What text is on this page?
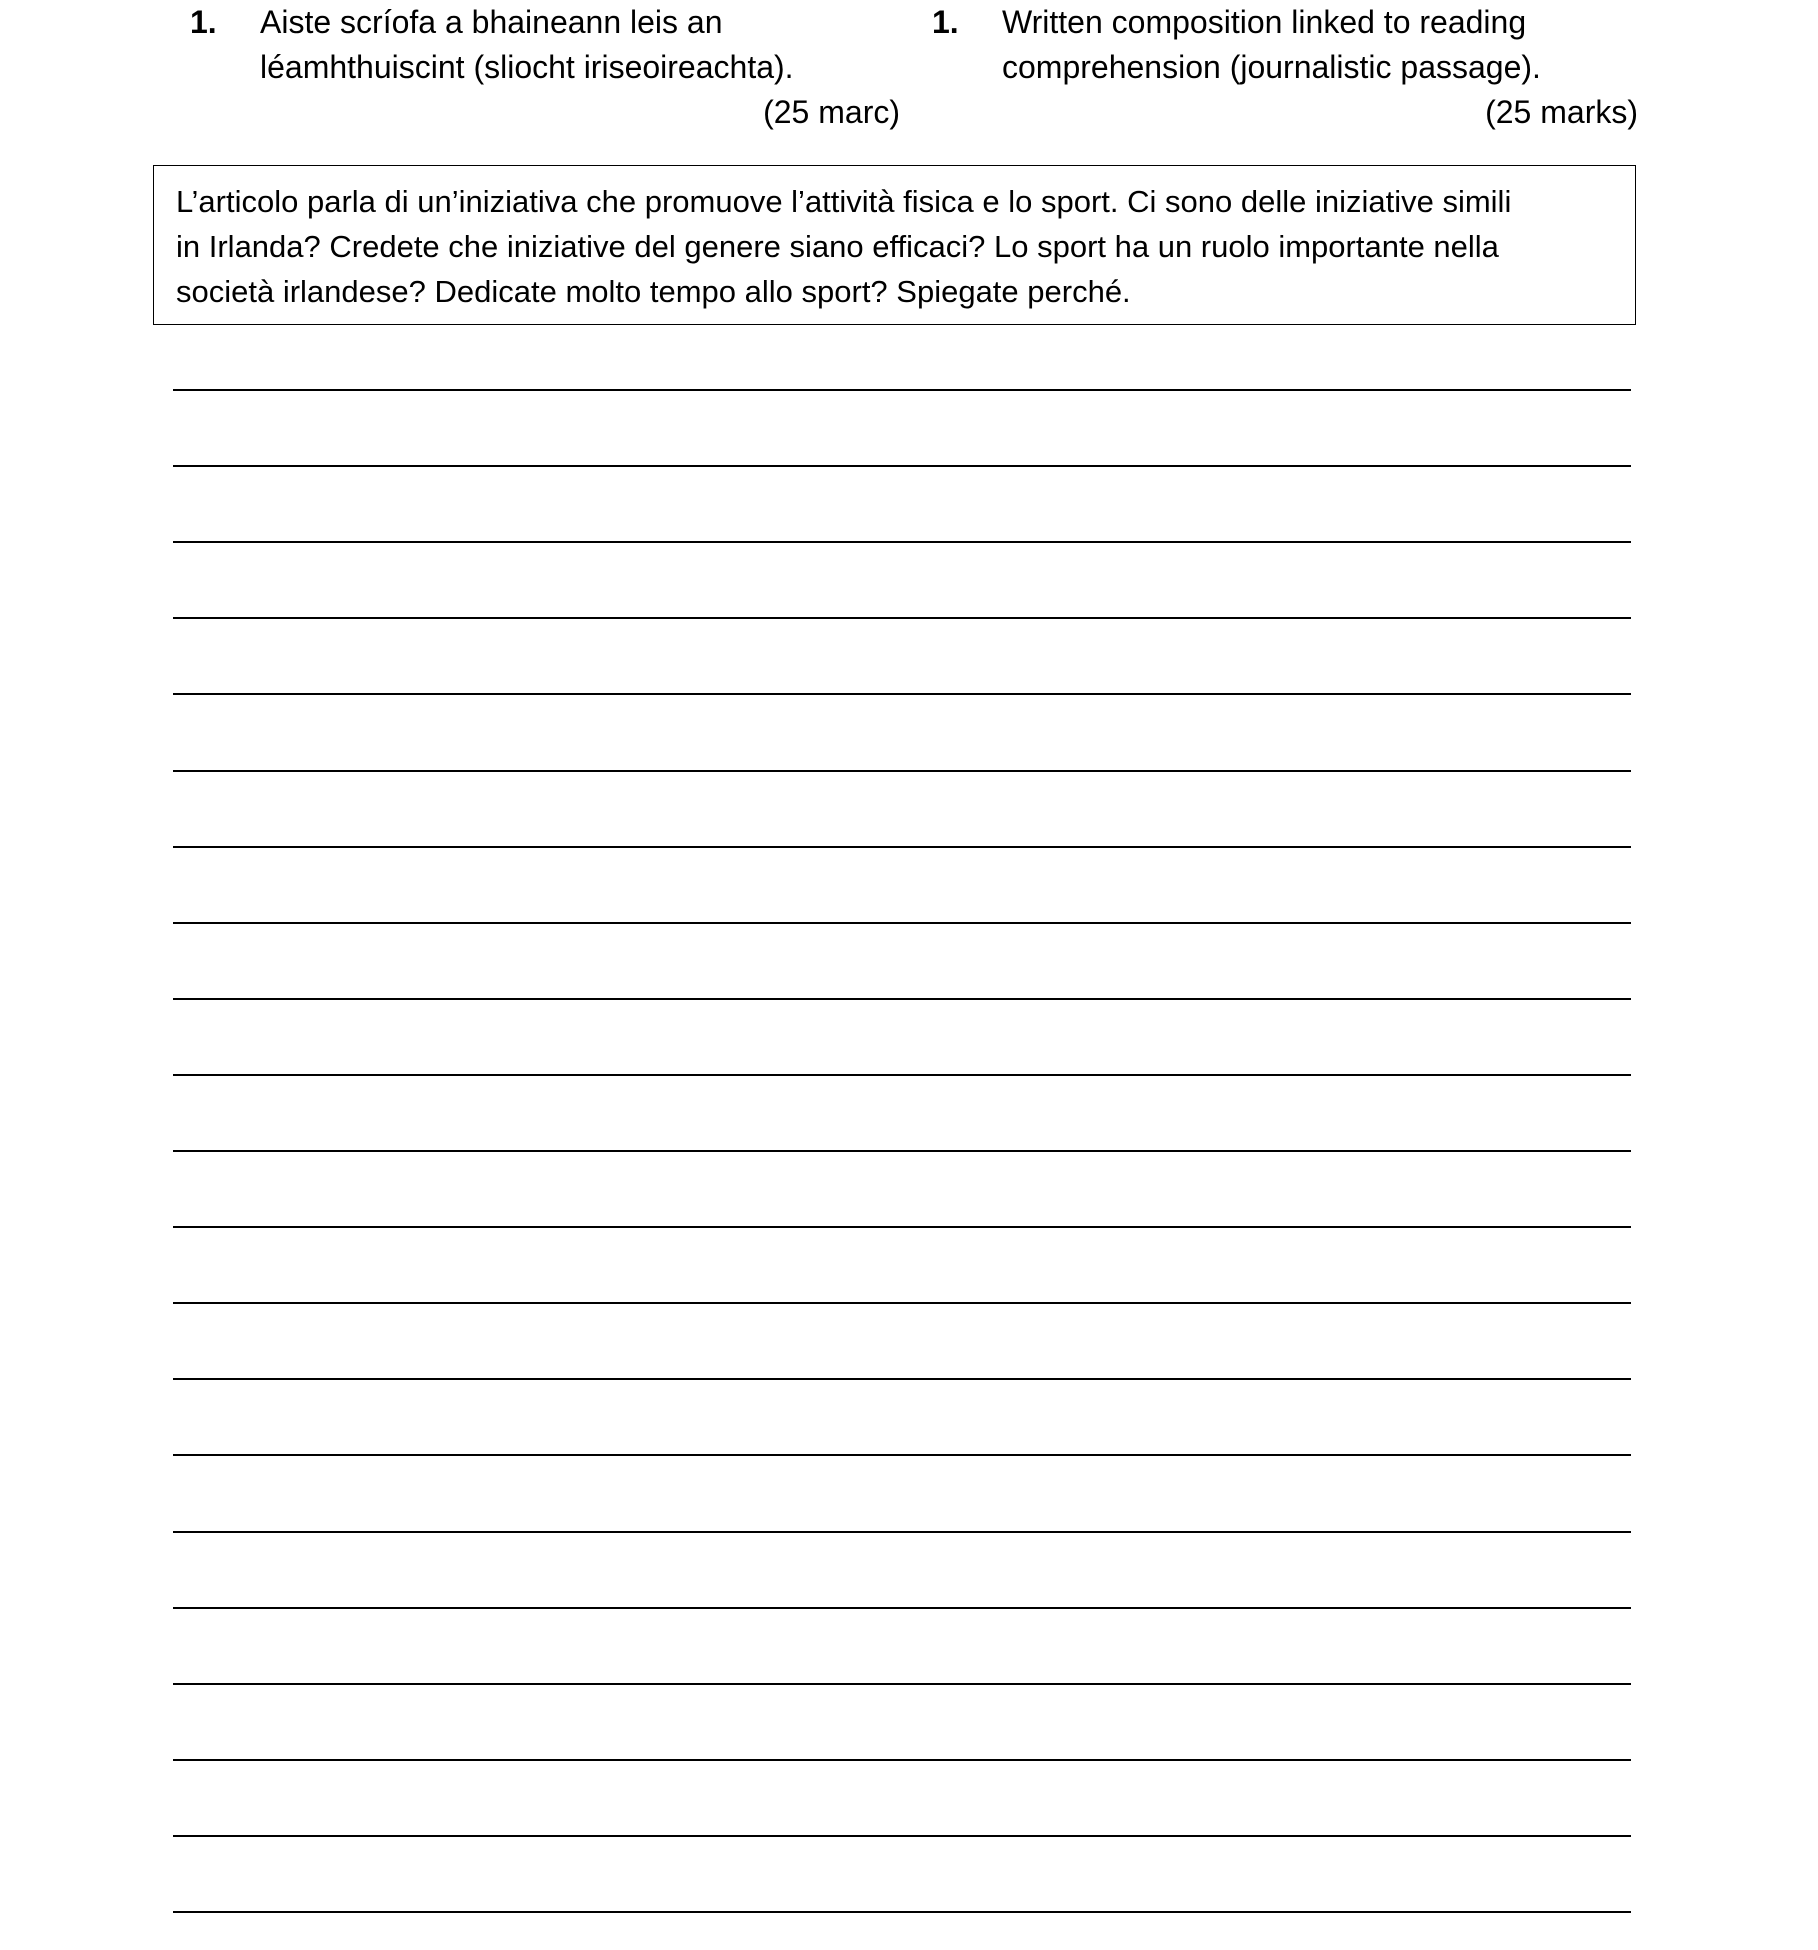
1. Aiste scríofa a bhaineann leis an
léamhthuiscint (sliocht iriseoireachta).
(25 marc)
1. Written composition linked to reading
comprehension (journalistic passage).
(25 marks)
L’articolo parla di un’iniziativa che promuove l’attività fisica e lo sport. Ci sono delle iniziative simili
in Irlanda? Credete che iniziative del genere siano efficaci? Lo sport ha un ruolo importante nella
società irlandese? Dedicate molto tempo allo sport? Spiegate perché.
